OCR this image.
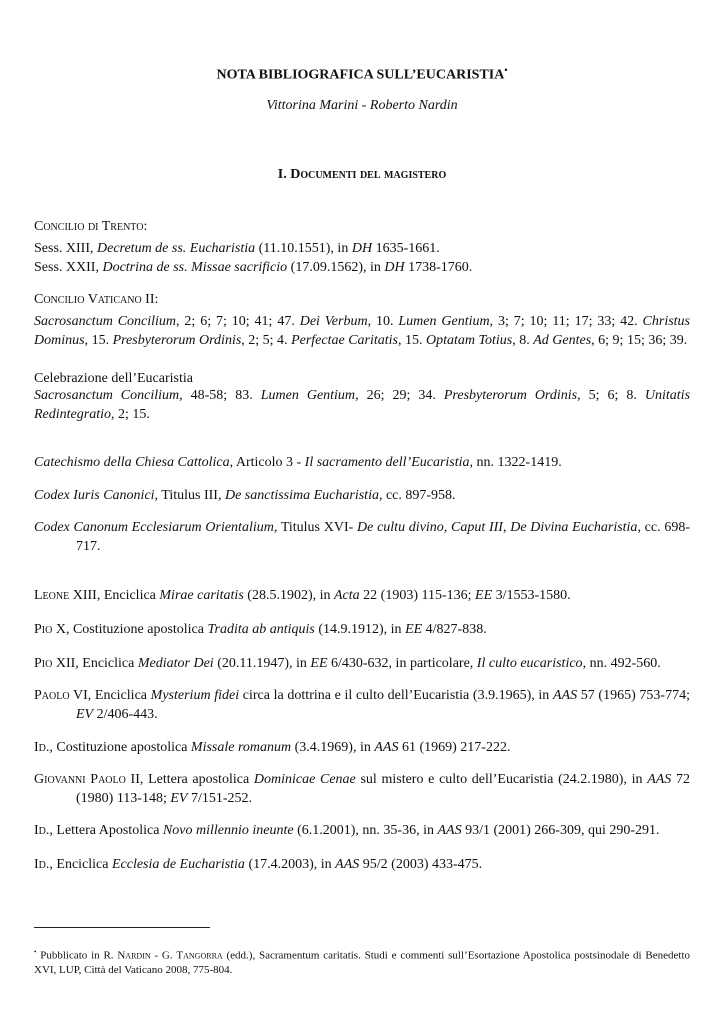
NOTA BIBLIOGRAFICA SULL’EUCARISTIA•
Vittorina Marini - Roberto Nardin
I. Documenti del magistero

Concilio di Trento:

Sess. XIII, Decretum de ss. Eucharistia (11.10.1551), in DH 1635-1661.
Sess. XXII, Doctrina de ss. Missae sacrificio (17.09.1562), in DH 1738-1760.

Concilio Vaticano II:

Sacrosanctum Concilium, 2; 6; 7; 10; 41; 47. Dei Verbum, 10. Lumen Gentium, 3; 7; 10; 11; 17; 33; 42. Christus Dominus, 15. Presbyterorum Ordinis, 2; 5; 4. Perfectae Caritatis, 15. Optatam Totius, 8. Ad Gentes, 6; 9; 15; 36; 39.

Celebrazione dell’Eucaristia

Sacrosanctum Concilium, 48-58; 83. Lumen Gentium, 26; 29; 34. Presbyterorum Ordinis, 5; 6; 8. Unitatis Redintegratio, 2; 15.

Catechismo della Chiesa Cattolica, Articolo 3 - Il sacramento dell’Eucaristia, nn. 1322-1419.

Codex Iuris Canonici, Titulus III, De sanctissima Eucharistia, cc. 897-958.

Codex Canonum Ecclesiarum Orientalium, Titulus XVI- De cultu divino, Caput III, De Divina Eucharistia, cc. 698-717.

Leone XIII, Enciclica Mirae caritatis (28.5.1902), in Acta 22 (1903) 115-136; EE 3/1553-1580.

Pio X, Costituzione apostolica Tradita ab antiquis (14.9.1912), in EE 4/827-838.

Pio XII, Enciclica Mediator Dei (20.11.1947), in EE 6/430-632, in particolare, Il culto eucaristico, nn. 492-560.

Paolo VI, Enciclica Mysterium fidei circa la dottrina e il culto dell’Eucaristia (3.9.1965), in AAS 57 (1965) 753-774; EV 2/406-443.

Id., Costituzione apostolica Missale romanum (3.4.1969), in AAS 61 (1969) 217-222.

Giovanni Paolo II, Lettera apostolica Dominicae Cenae sul mistero e culto dell’Eucaristia (24.2.1980), in AAS 72 (1980) 113-148; EV 7/151-252.

Id., Lettera Apostolica Novo millennio ineunte (6.1.2001), nn. 35-36, in AAS 93/1 (2001) 266-309, qui 290-291.

Id., Enciclica Ecclesia de Eucharistia (17.4.2003), in AAS 95/2 (2003) 433-475.

• Pubblicato in R. Nardin - G. Tangorra (edd.), Sacramentum caritatis. Studi e commenti sull’Esortazione Apostolica postsinodale di Benedetto XVI, LUP, Città del Vaticano 2008, 775-804.
